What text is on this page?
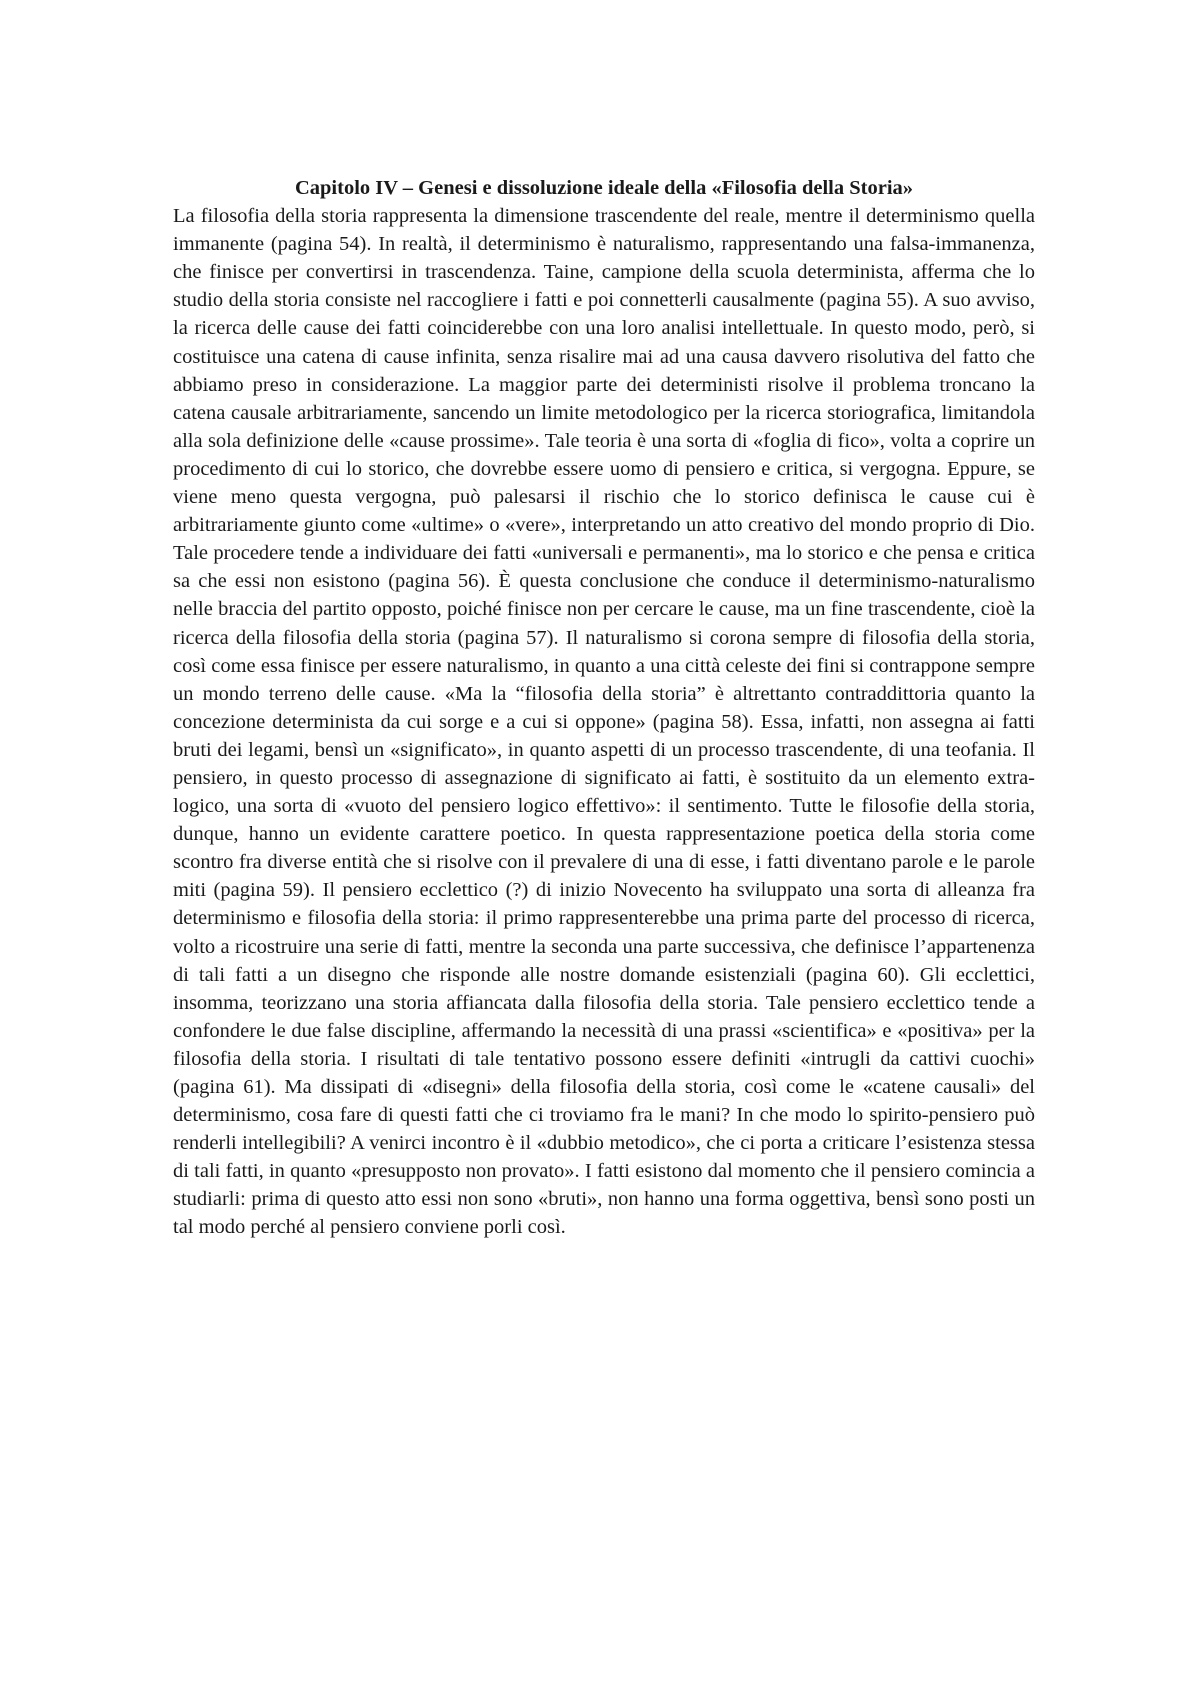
Capitolo IV – Genesi e dissoluzione ideale della «Filosofia della Storia»

La filosofia della storia rappresenta la dimensione trascendente del reale, mentre il determinismo quella immanente (pagina 54). In realtà, il determinismo è naturalismo, rappresentando una falsa-immanenza, che finisce per convertirsi in trascendenza. Taine, campione della scuola determinista, afferma che lo studio della storia consiste nel raccogliere i fatti e poi connetterli causalmente (pagina 55). A suo avviso, la ricerca delle cause dei fatti coinciderebbe con una loro analisi intellettuale. In questo modo, però, si costituisce una catena di cause infinita, senza risalire mai ad una causa davvero risolutiva del fatto che abbiamo preso in considerazione. La maggior parte dei deterministi risolve il problema troncano la catena causale arbitrariamente, sancendo un limite metodologico per la ricerca storiografica, limitandola alla sola definizione delle «cause prossime». Tale teoria è una sorta di «foglia di fico», volta a coprire un procedimento di cui lo storico, che dovrebbe essere uomo di pensiero e critica, si vergogna. Eppure, se viene meno questa vergogna, può palesarsi il rischio che lo storico definisca le cause cui è arbitrariamente giunto come «ultime» o «vere», interpretando un atto creativo del mondo proprio di Dio. Tale procedere tende a individuare dei fatti «universali e permanenti», ma lo storico e che pensa e critica sa che essi non esistono (pagina 56). È questa conclusione che conduce il determinismo-naturalismo nelle braccia del partito opposto, poiché finisce non per cercare le cause, ma un fine trascendente, cioè la ricerca della filosofia della storia (pagina 57). Il naturalismo si corona sempre di filosofia della storia, così come essa finisce per essere naturalismo, in quanto a una città celeste dei fini si contrappone sempre un mondo terreno delle cause. «Ma la “filosofia della storia” è altrettanto contraddittoria quanto la concezione determinista da cui sorge e a cui si oppone» (pagina 58). Essa, infatti, non assegna ai fatti bruti dei legami, bensì un «significato», in quanto aspetti di un processo trascendente, di una teofania. Il pensiero, in questo processo di assegnazione di significato ai fatti, è sostituito da un elemento extra-logico, una sorta di «vuoto del pensiero logico effettivo»: il sentimento. Tutte le filosofie della storia, dunque, hanno un evidente carattere poetico. In questa rappresentazione poetica della storia come scontro fra diverse entità che si risolve con il prevalere di una di esse, i fatti diventano parole e le parole miti (pagina 59). Il pensiero ecclettico (?) di inizio Novecento ha sviluppato una sorta di alleanza fra determinismo e filosofia della storia: il primo rappresenterebbe una prima parte del processo di ricerca, volto a ricostruire una serie di fatti, mentre la seconda una parte successiva, che definisce l’appartenenza di tali fatti a un disegno che risponde alle nostre domande esistenziali (pagina 60). Gli ecclettici, insomma, teorizzano una storia affiancata dalla filosofia della storia. Tale pensiero ecclettico tende a confondere le due false discipline, affermando la necessità di una prassi «scientifica» e «positiva» per la filosofia della storia. I risultati di tale tentativo possono essere definiti «intrugli da cattivi cuochi» (pagina 61). Ma dissipati di «disegni» della filosofia della storia, così come le «catene causali» del determinismo, cosa fare di questi fatti che ci troviamo fra le mani? In che modo lo spirito-pensiero può renderli intellegibili? A venirci incontro è il «dubbio metodico», che ci porta a criticare l’esistenza stessa di tali fatti, in quanto «presupposto non provato». I fatti esistono dal momento che il pensiero comincia a studiarli: prima di questo atto essi non sono «bruti», non hanno una forma oggettiva, bensì sono posti un tal modo perché al pensiero conviene porli così.
